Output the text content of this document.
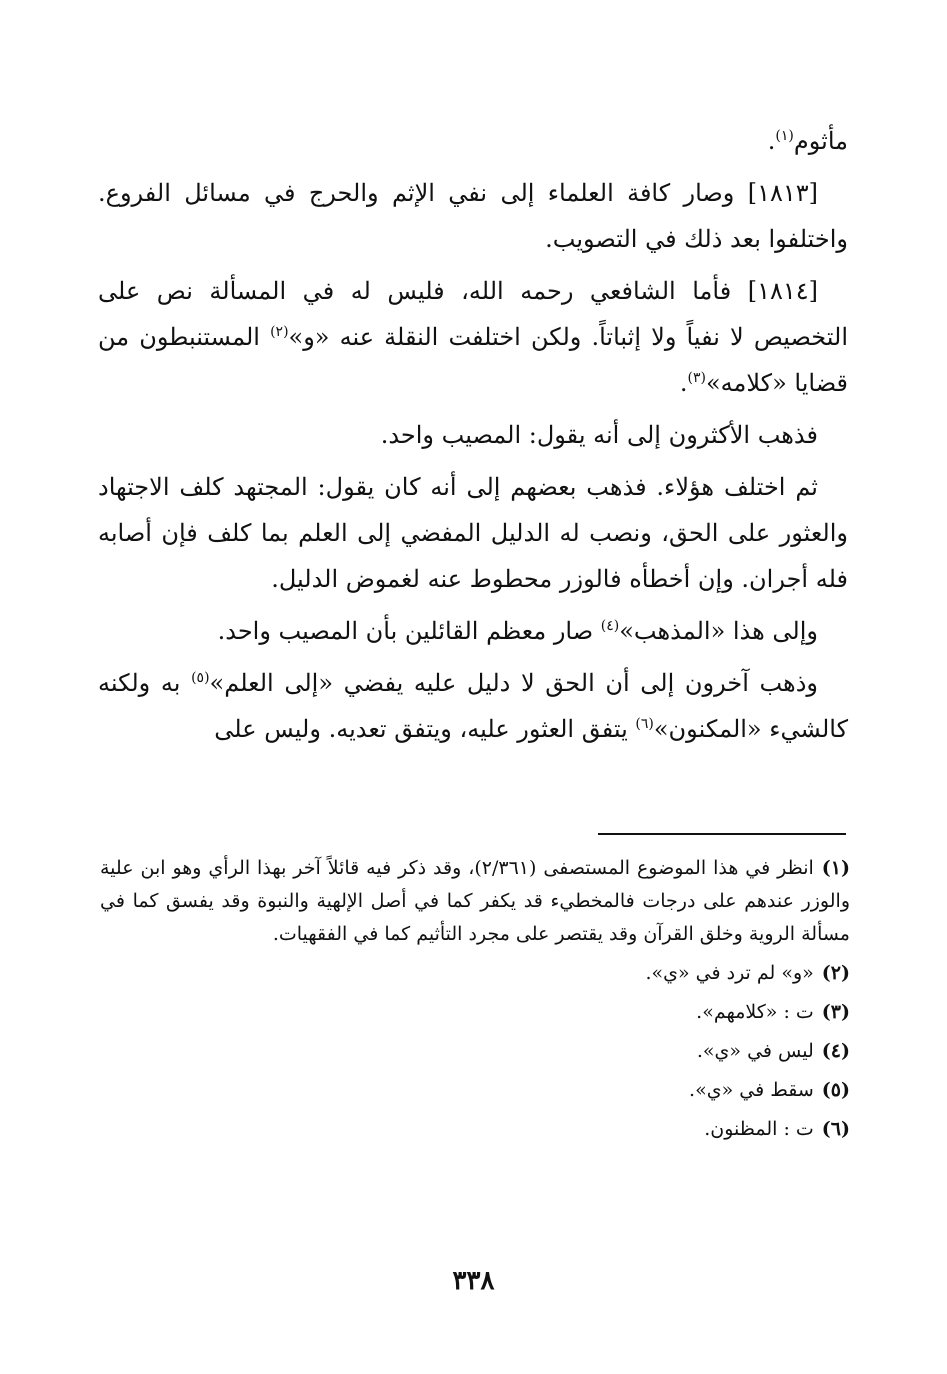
مأثوم$^{(١)}$.

[١٨١٣] وصار كافة العلماء إلى نفي الإثم والحرج في مسائل الفروع. واختلفوا بعد ذلك في التصويب.

[١٨١٤] فأما الشافعي رحمه الله، فليس له في المسألة نص على التخصيص لا نفياً ولا إثباتاً. ولكن اختلفت النقلة عنه «و»$^{(٢)}$ المستنبطون من قضايا «كلامه»$^{(٣)}$.

فذهب الأكثرون إلى أنه يقول: المصيب واحد.

ثم اختلف هؤلاء. فذهب بعضهم إلى أنه كان يقول: المجتهد كلف الاجتهاد والعثور على الحق، ونصب له الدليل المفضي إلى العلم بما كلف فإن أصابه فله أجران. وإن أخطأه فالوزر محطوط عنه لغموض الدليل.

وإلى هذا «المذهب»$^{(٤)}$ صار معظم القائلين بأن المصيب واحد.

وذهب آخرون إلى أن الحق لا دليل عليه يفضي «إلى العلم»$^{(٥)}$ به ولكنه كالشيء «المكنون»$^{(٦)}$ يتفق العثور عليه، ويتفق تعديه. وليس على

(١)انظر في هذا الموضوع المستصفى (٢/٣٦١)، وقد ذكر فيه قائلاً آخر بهذا الرأي وهو ابن علية والوزر عندهم على درجات فالمخطيء قد يكفر كما في أصل الإلهية والنبوة وقد يفسق كما في مسألة الروية وخلق القرآن وقد يقتصر على مجرد التأثيم كما في الفقهيات.

(٢)«و» لم ترد في «ي».

(٣)ت : «كلامهم».

(٤)ليس في «ي».

(٥)سقط في «ي».

(٦)ت : المظنون.

٣٣٨
